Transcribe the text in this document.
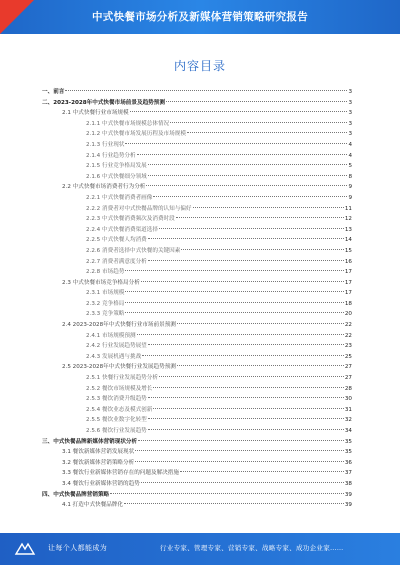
中式快餐市场分析及新媒体营销策略研究报告
内容目录
一、前言	3
二、2023-2028年中式快餐市场前景及趋势预测	3
2.1 中式快餐行业市场规模	3
2.1.1 中式快餐市场规模总体情况	3
2.1.2 中式快餐市场发展历程及市场规模	3
2.1.3 行业现状	4
2.1.4 行业趋势分析	4
2.1.5 行业竞争格局发展	5
2.1.6 中式快餐细分领域	8
2.2 中式快餐市场消费者行为分析	9
2.2.1 中式快餐消费者画像	9
2.2.2 消费者对中式快餐品牌的认知与偏好	11
2.2.3 中式快餐消费频次及消费时段	12
2.2.4 中式快餐消费渠道选择	13
2.2.5 中式快餐人均消费	14
2.2.6 消费者选择中式快餐的关键因素	15
2.2.7 消费者满意度分析	16
2.2.8 市场趋势	17
2.3 中式快餐市场竞争格局分析	17
2.3.1 市场规模	17
2.3.2 竞争格局	18
2.3.3 竞争策略	20
2.4 2023-2028年中式快餐行业市场前景预测	22
2.4.1 市场规模预测	22
2.4.2 行业发展趋势展望	23
2.4.3 发展机遇与挑战	25
2.5 2023-2028年中式快餐行业发展趋势预测	27
2.5.1 快餐行业发展趋势分析	27
2.5.2 餐饮市场规模及增长	28
2.5.3 餐饮消费升级趋势	30
2.5.4 餐饮业态及模式创新	31
2.5.5 餐饮业数字化转型	32
2.5.6 餐饮行业发展趋势	34
三、中式快餐品牌新媒体营销现状分析	35
3.1 餐饮新媒体营销发展现状	35
3.2 餐饮新媒体营销策略分析	36
3.3 餐饮行业新媒体营销存在的问题及解决措施	37
3.4 餐饮行业新媒体营销的趋势	38
四、中式快餐品牌营销策略	39
4.1 打造中式快餐品牌化	39
让每个人都能成为	行业专家、管理专家、营销专家、战略专家、成功企业家……
